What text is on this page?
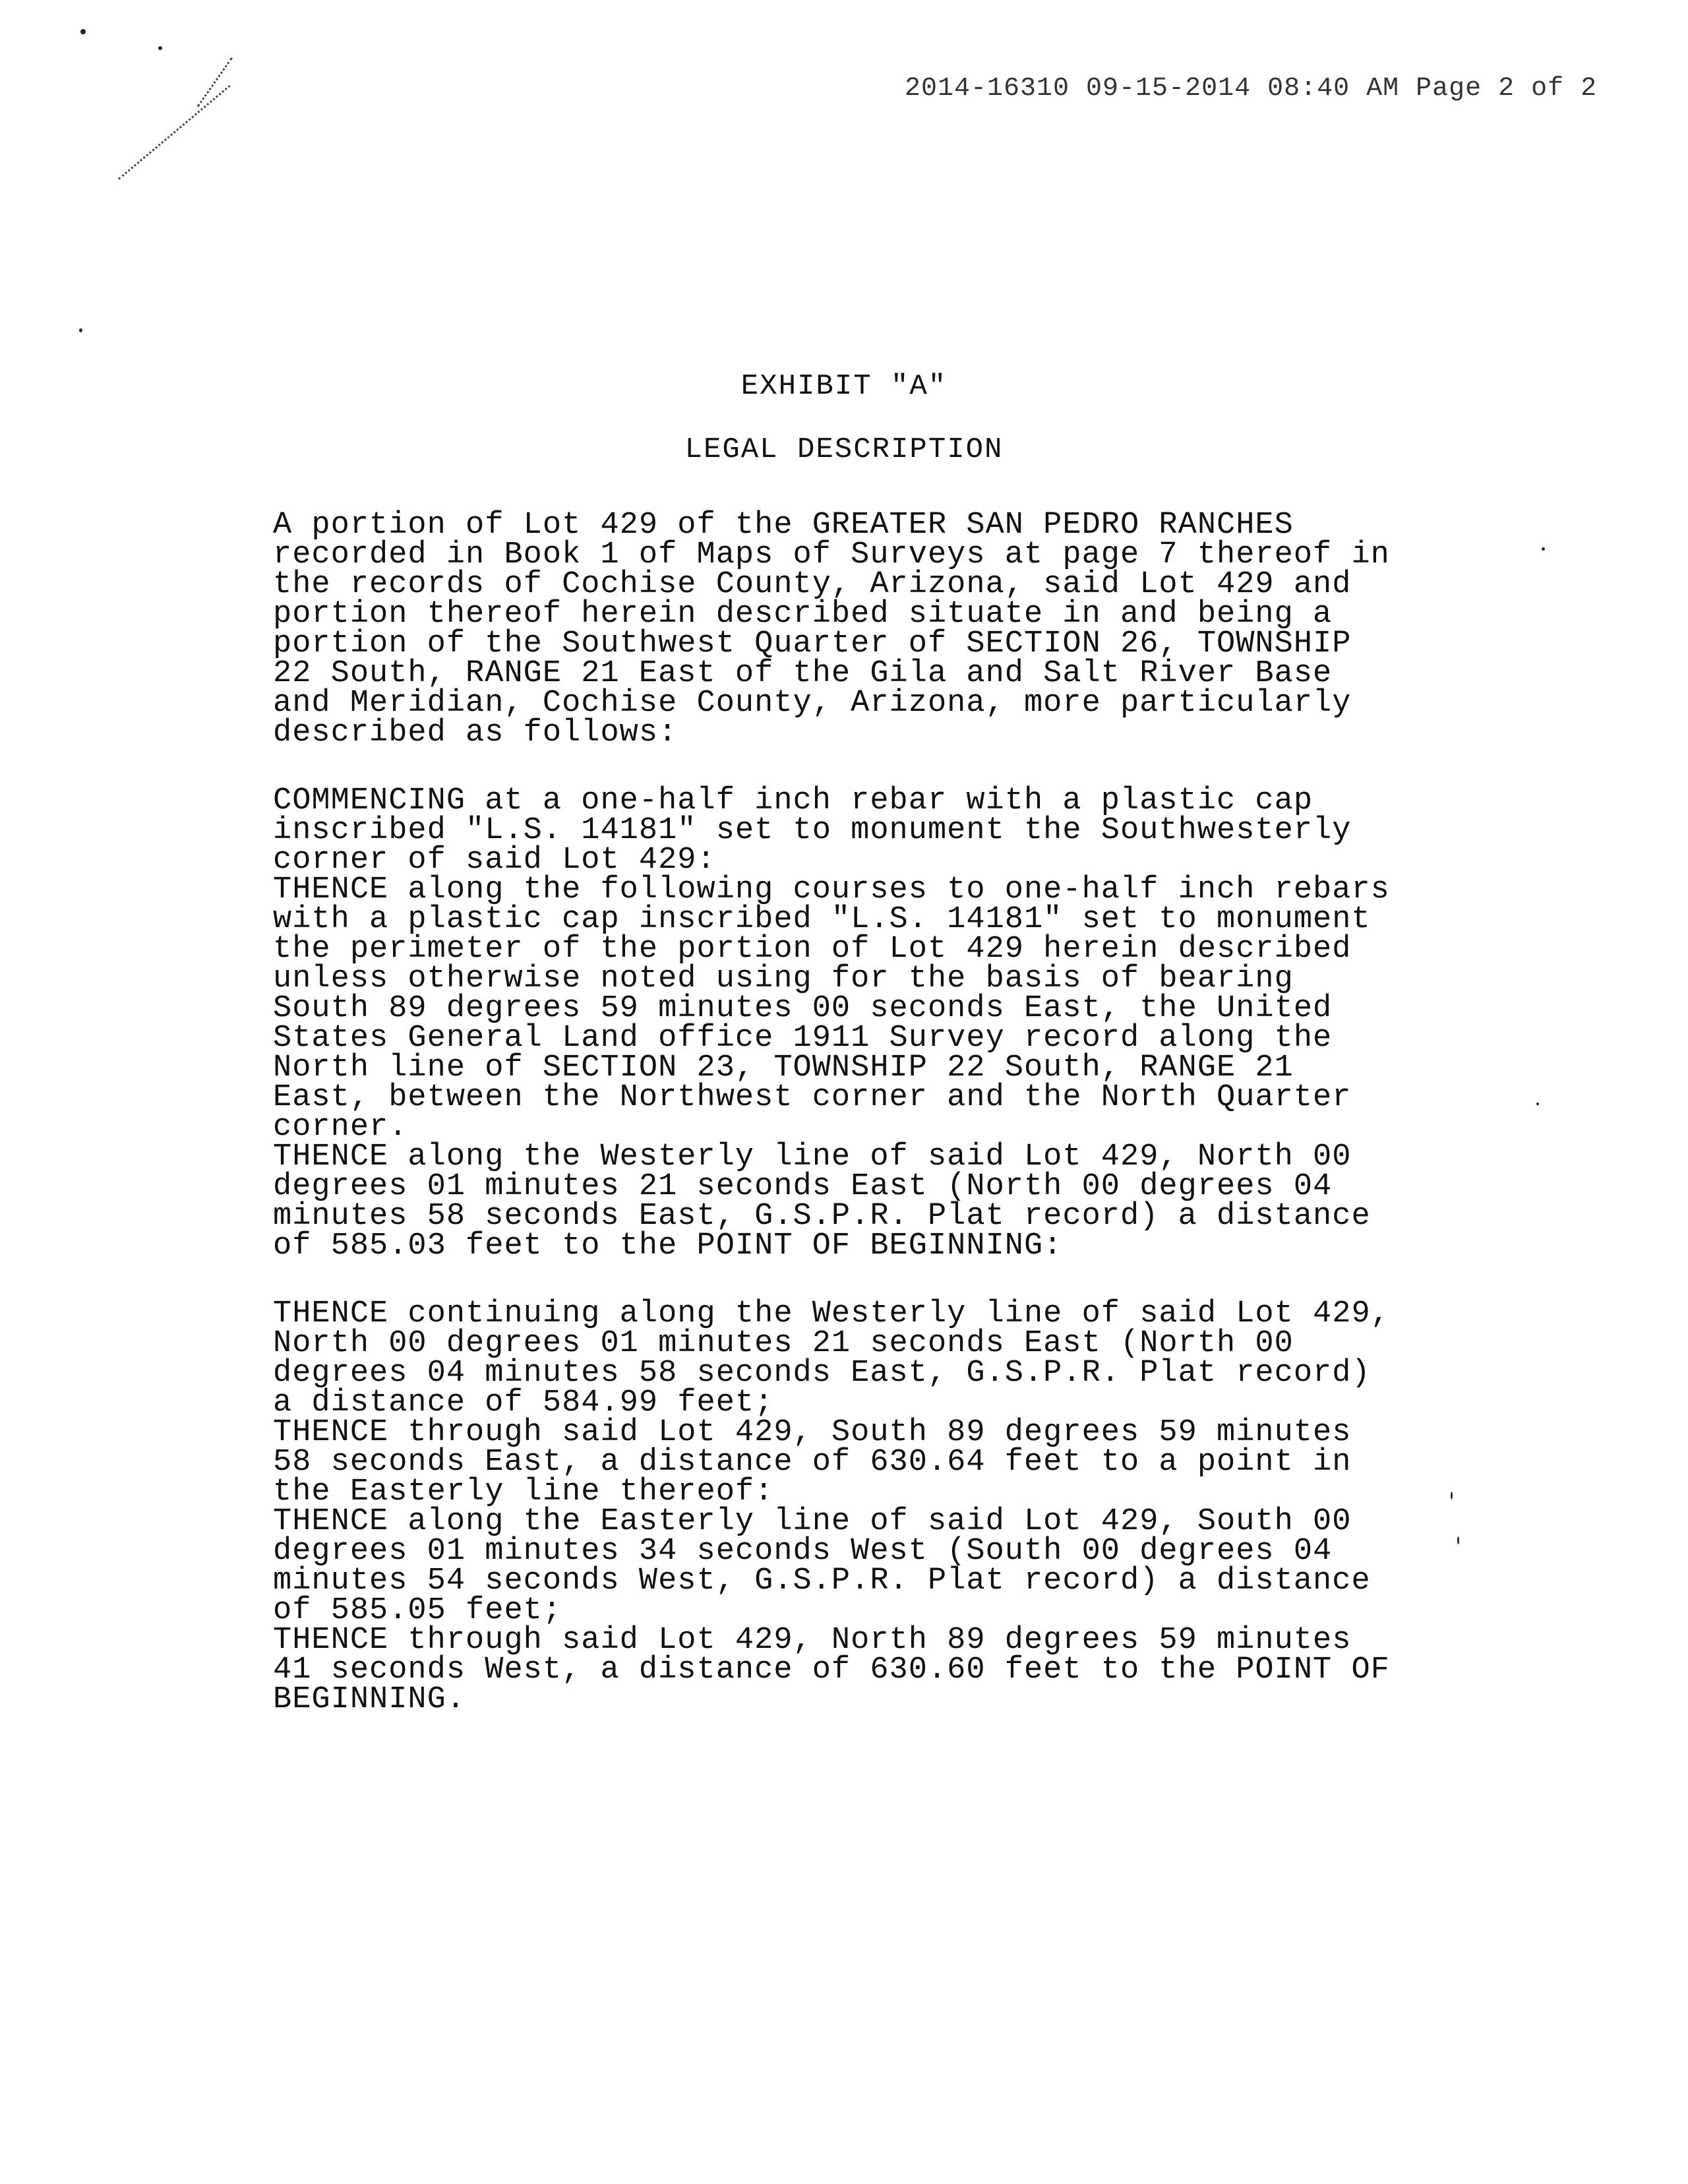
2014-16310 09-15-2014 08:40 AM Page 2 of 2
EXHIBIT "A"
LEGAL DESCRIPTION
A portion of Lot 429 of the GREATER SAN PEDRO RANCHES
recorded in Book 1 of Maps of Surveys at page 7 thereof in
the records of Cochise County, Arizona, said Lot 429 and
portion thereof herein described situate in and being a
portion of the Southwest Quarter of SECTION 26, TOWNSHIP
22 South, RANGE 21 East of the Gila and Salt River Base
and Meridian, Cochise County, Arizona, more particularly
described as follows:
COMMENCING at a one-half inch rebar with a plastic cap
inscribed "L.S. 14181" set to monument the Southwesterly
corner of said Lot 429:
THENCE along the following courses to one-half inch rebars
with a plastic cap inscribed "L.S. 14181" set to monument
the perimeter of the portion of Lot 429 herein described
unless otherwise noted using for the basis of bearing
South 89 degrees 59 minutes 00 seconds East, the United
States General Land office 1911 Survey record along the
North line of SECTION 23, TOWNSHIP 22 South, RANGE 21
East, between the Northwest corner and the North Quarter
corner.
THENCE along the Westerly line of said Lot 429, North 00
degrees 01 minutes 21 seconds East (North 00 degrees 04
minutes 58 seconds East, G.S.P.R. Plat record) a distance
of 585.03 feet to the POINT OF BEGINNING:
THENCE continuing along the Westerly line of said Lot 429,
North 00 degrees 01 minutes 21 seconds East (North 00
degrees 04 minutes 58 seconds East, G.S.P.R. Plat record)
a distance of 584.99 feet;
THENCE through said Lot 429, South 89 degrees 59 minutes
58 seconds East, a distance of 630.64 feet to a point in
the Easterly line thereof:
THENCE along the Easterly line of said Lot 429, South 00
degrees 01 minutes 34 seconds West (South 00 degrees 04
minutes 54 seconds West, G.S.P.R. Plat record) a distance
of 585.05 feet;
THENCE through said Lot 429, North 89 degrees 59 minutes
41 seconds West, a distance of 630.60 feet to the POINT OF
BEGINNING.
